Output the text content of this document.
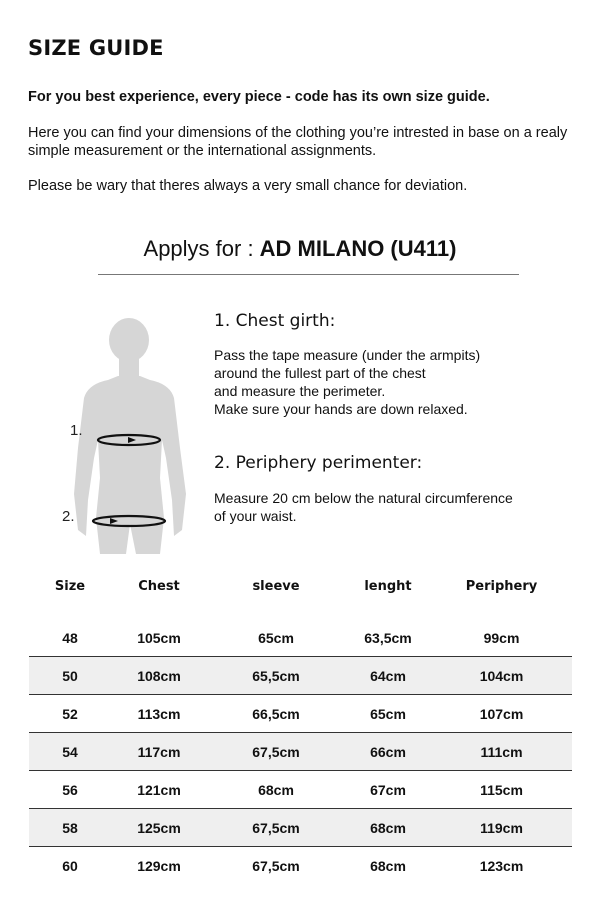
SIZE GUIDE

For you best experience, every piece - code has its own size guide.

Here you can find your dimensions of the clothing you’re intrested in base on a realy simple measurement or the international assignments.

Please be wary that theres always a very small chance for deviation.

Applys for : AD MILANO (U411)
1.
2.
1. Chest girth:
Pass the tape measure (under the armpits)
around the fullest part of the chest
and measure the perimeter.
Make sure your hands are down relaxed.
2. Periphery perimenter:
Measure 20 cm below the natural circumference
of your waist.
Size	Chest	sleeve	lenght	Periphery

48	105cm	65cm	63,5cm	99cm
50	108cm	65,5cm	64cm	104cm
52	113cm	66,5cm	65cm	107cm
54	117cm	67,5cm	66cm	111cm
56	121cm	68cm	67cm	115cm
58	125cm	67,5cm	68cm	119cm
60	129cm	67,5cm	68cm	123cm
